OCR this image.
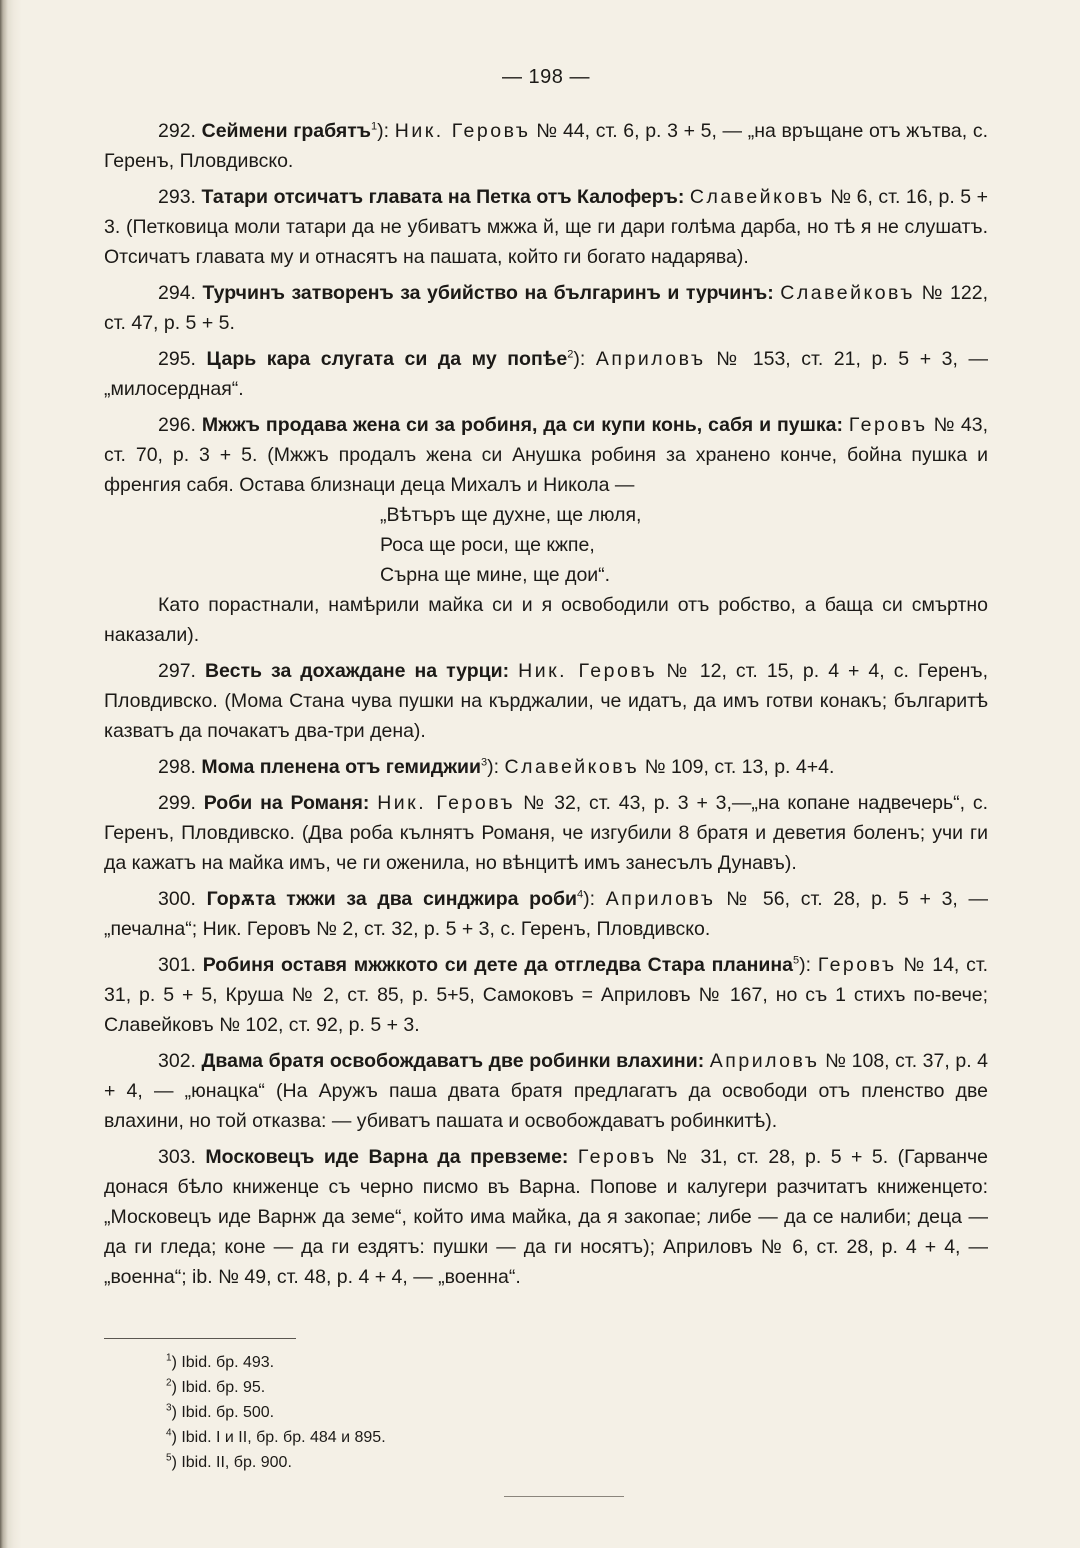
— 198 —

292. Сеймени грабятъ$^1$): Ник. Геровъ № 44, ст. 6, р. 3 + 5, — „на връщане отъ жътва, с. Геренъ, Пловдивско.

293. Татари отсичатъ главата на Петка отъ Калоферъ: Славейковъ № 6, ст. 16, р. 5 + 3. (Петковица моли татари да не убиватъ мжжа й, ще ги дари голѣма дарба, но тѣ я не слушатъ. Отсичатъ главата му и отнасятъ на пашата, който ги богато надарява).

294. Турчинъ затворенъ за убийство на българинъ и турчинъ: Славейковъ № 122, ст. 47, р. 5 + 5.

295. Царь кара слугата си да му попѣе$^2$): Априловъ № 153, ст. 21, р. 5 + 3, — „милосердная“.

296. Мжжъ продава жена си за робиня, да си купи конь, сабя и пушка: Геровъ № 43, ст. 70, р. 3 + 5. (Мжжъ продалъ жена си Анушка робиня за хранено конче, бойна пушка и френгия сабя. Остава близнаци деца Михалъ и Никола —

„Вѣтъръ ще духне, ще люля,
Роса ще роси, ще кжпе,
Сърна ще мине, ще дои“.

Като порастнали, намѣрили майка си и я освободили отъ робство, а баща си смъртно наказали).

297. Весть за дохаждане на турци: Ник. Геровъ № 12, ст. 15, р. 4 + 4, с. Геренъ, Пловдивско. (Мома Стана чува пушки на кърджалии, че идатъ, да имъ готви конакъ; българитѣ казватъ да почакатъ два-три дена).

298. Мома пленена отъ гемиджии$^3$): Славейковъ № 109, ст. 13, р. 4+4.

299. Роби на Романя: Ник. Геровъ № 32, ст. 43, р. 3 + 3,—„на копане надвечерь“, с. Геренъ, Пловдивско. (Два роба кълнятъ Романя, че изгубили 8 братя и деветия боленъ; учи ги да кажатъ на майка имъ, че ги оженила, но вѣнцитѣ имъ занесълъ Дунавъ).

300. Горѫта тжжи за два синджира роби$^4$): Априловъ № 56, ст. 28, р. 5 + 3, — „печална“; Ник. Геровъ № 2, ст. 32, р. 5 + 3, с. Геренъ, Пловдивско.

301. Робиня оставя мжжкото си дете да отгледва Стара планина$^5$): Геровъ № 14, ст. 31, р. 5 + 5, Круша № 2, ст. 85, р. 5+5, Самоковъ = Априловъ № 167, но съ 1 стихъ по-вече; Славейковъ № 102, ст. 92, р. 5 + 3.

302. Двама братя освобождаватъ две робинки влахини: Априловъ № 108, ст. 37, р. 4 + 4, — „юнацка“ (На Аружъ паша двата братя предлагатъ да освободи отъ пленство две влахини, но той отказва: — убиватъ пашата и освобождаватъ робинкитѣ).

303. Московецъ иде Варна да превземе: Геровъ № 31, ст. 28, р. 5 + 5. (Гарванче донася бѣло книженце съ черно писмо въ Варна. Попове и калугери разчитатъ книженцето: „Московецъ иде Варнж да земе“, който има майка, да я закопае; либе — да се налиби; деца — да ги гледа; коне — да ги ездятъ: пушки — да ги носятъ); Априловъ № 6, ст. 28, р. 4 + 4, — „военна“; ib. № 49, ст. 48, р. 4 + 4, — „военна“.

$^1$) Ibid. бр. 493.
$^2$) Ibid. бр. 95.
$^3$) Ibid. бр. 500.
$^4$) Ibid. I и II, бр. бр. 484 и 895.
$^5$) Ibid. II, бр. 900.
